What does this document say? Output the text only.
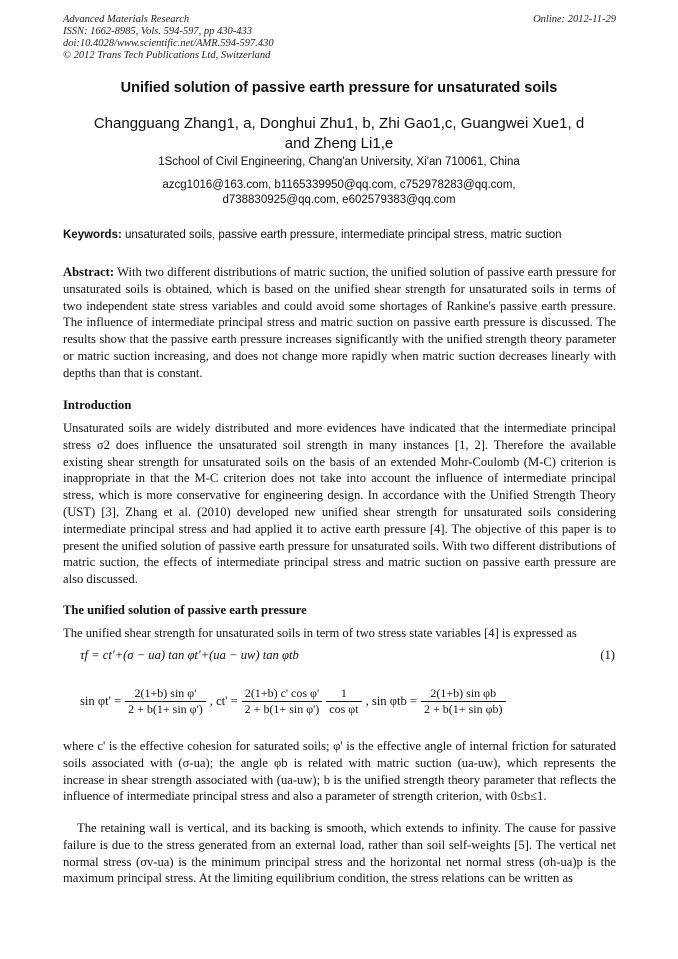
Advanced Materials Research
ISSN: 1662-8985, Vols. 594-597, pp 430-433
doi:10.4028/www.scientific.net/AMR.594-597.430
© 2012 Trans Tech Publications Ltd, Switzerland
Online: 2012-11-29
Unified solution of passive earth pressure for unsaturated soils
Changguang Zhang1, a, Donghui Zhu1, b, Zhi Gao1,c, Guangwei Xue1, d
and Zheng Li1,e
1School of Civil Engineering, Chang'an University, Xi'an 710061, China
azcg1016@163.com, b1165339950@qq.com, c752978283@qq.com,
d738830925@qq.com, e602579383@qq.com
Keywords: unsaturated soils, passive earth pressure, intermediate principal stress, matric suction
Abstract: With two different distributions of matric suction, the unified solution of passive earth pressure for unsaturated soils is obtained, which is based on the unified shear strength for unsaturated soils in terms of two independent state stress variables and could avoid some shortages of Rankine's passive earth pressure. The influence of intermediate principal stress and matric suction on passive earth pressure is discussed. The results show that the passive earth pressure increases significantly with the unified strength theory parameter or matric suction increasing, and does not change more rapidly when matric suction decreases linearly with depths than that is constant.
Introduction
Unsaturated soils are widely distributed and more evidences have indicated that the intermediate principal stress σ2 does influence the unsaturated soil strength in many instances [1, 2]. Therefore the available existing shear strength for unsaturated soils on the basis of an extended Mohr-Coulomb (M-C) criterion is inappropriate in that the M-C criterion does not take into account the influence of intermediate principal stress, which is more conservative for engineering design. In accordance with the Unified Strength Theory (UST) [3], Zhang et al. (2010) developed new unified shear strength for unsaturated soils considering intermediate principal stress and had applied it to active earth pressure [4]. The objective of this paper is to present the unified solution of passive earth pressure for unsaturated soils. With two different distributions of matric suction, the effects of intermediate principal stress and matric suction on passive earth pressure are also discussed.
The unified solution of passive earth pressure
The unified shear strength for unsaturated soils in term of two stress state variables [4] is expressed as
τf = ct'+(σ − ua) tan φt'+(ua − uw) tan φtb	(1)
$\sin \varphi t' = \frac{\text{2(1+b) sin φ'}}{\text{2 + b(1+ sin φ')}}$ , $ct' = \frac{\text{2(1+b) c' cos φ'}}{\text{2 + b(1+ sin φ')}}$
$\frac{1}{\text{cos φt}}$ , $\sin \varphi tb = \frac{\text{2(1+b) sin φb}}{\text{2 + b(1+ sin φb)}}$
where c' is the effective cohesion for saturated soils; φ' is the effective angle of internal friction for saturated soils associated with (σ-ua); the angle φb is related with matric suction (ua-uw), which represents the increase in shear strength associated with (ua-uw); b is the unified strength theory parameter that reflects the influence of intermediate principal stress and also a parameter of strength criterion, with 0≤b≤1.
The retaining wall is vertical, and its backing is smooth, which extends to infinity. The cause for passive failure is due to the stress generated from an external load, rather than soil self-weights [5]. The vertical net normal stress (σv-ua) is the minimum principal stress and the horizontal net normal stress (σh-ua)p is the maximum principal stress. At the limiting equilibrium condition, the stress relations can be written as
